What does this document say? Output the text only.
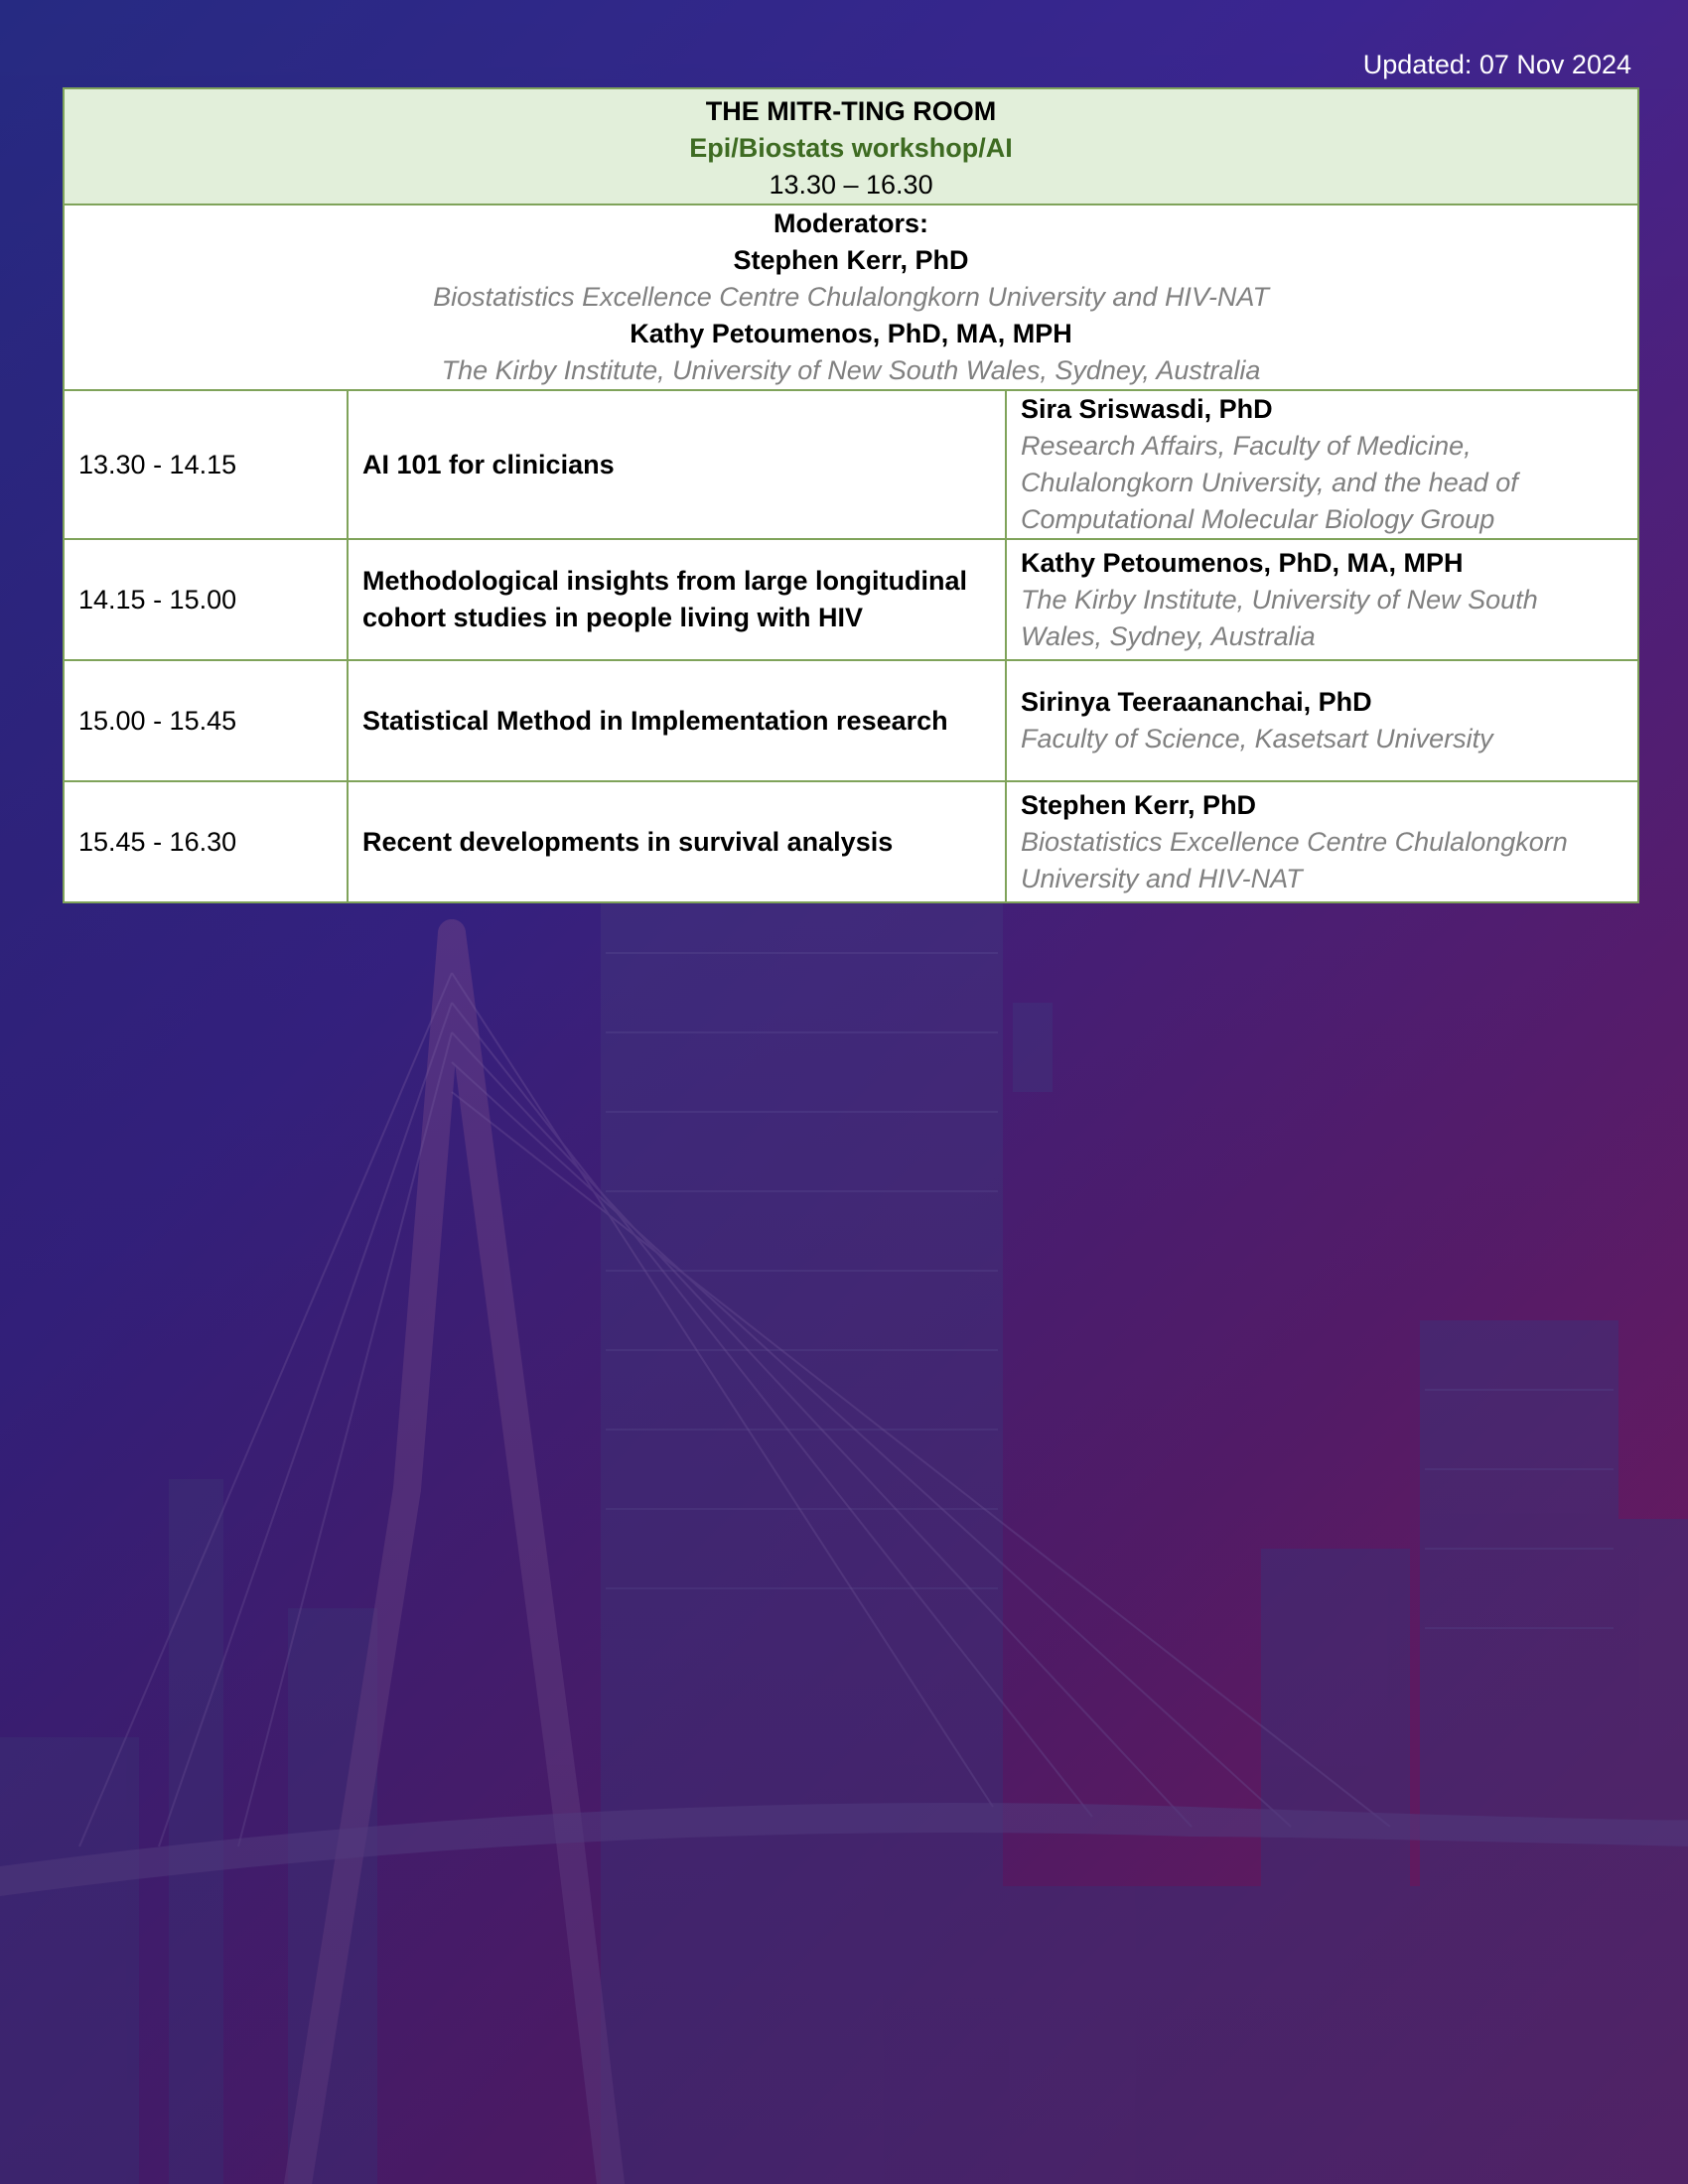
Updated: 07 Nov 2024
THE MITR-TING ROOM
Epi/Biostats workshop/AI
13.30 – 16.30		

Moderators:
Stephen Kerr, PhD
Biostatistics Excellence Centre Chulalongkorn University and HIV-NAT
Kathy Petoumenos, PhD, MA, MPH
The Kirby Institute, University of New South Wales, Sydney, Australia		

13.30 - 14.15	AI 101 for clinicians	Sira Sriswasdi, PhD
Research Affairs, Faculty of Medicine, Chulalongkorn University, and the head of Computational Molecular Biology Group

14.15 - 15.00	Methodological insights from large longitudinal cohort studies in people living with HIV	Kathy Petoumenos, PhD, MA, MPH
The Kirby Institute, University of New South Wales, Sydney, Australia

15.00 - 15.45	Statistical Method in Implementation research	Sirinya Teeraananchai, PhD
Faculty of Science, Kasetsart University

15.45 - 16.30	Recent developments in survival analysis	Stephen Kerr, PhD
Biostatistics Excellence Centre Chulalongkorn University and HIV-NAT
